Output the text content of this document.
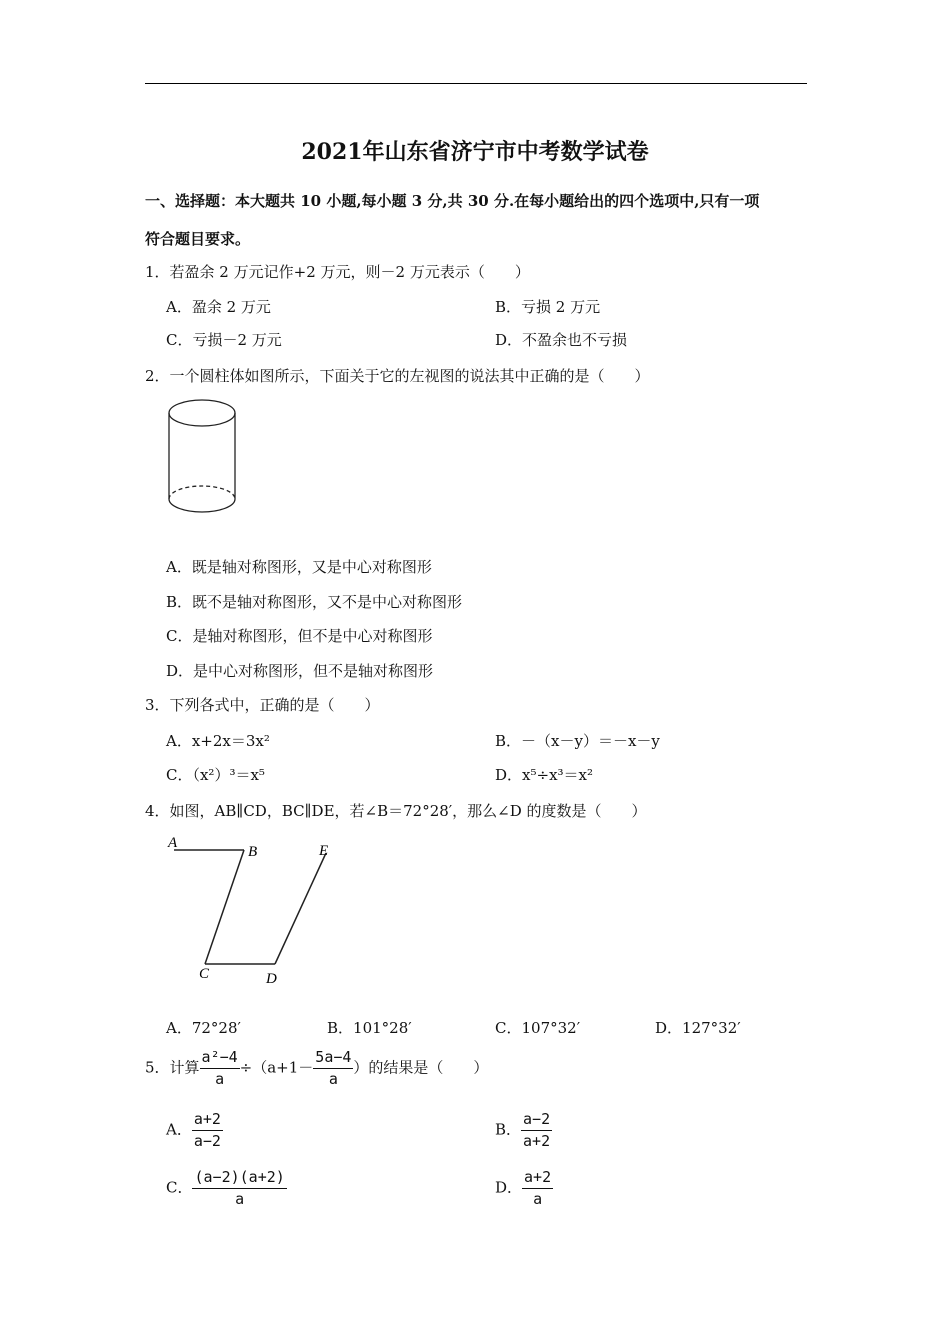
2021年山东省济宁市中考数学试卷
一、选择题：本大题共 10 小题,每小题 3 分,共 30 分.在每小题给出的四个选项中,只有一项
符合题目要求。
1．若盈余 2 万元记作+2 万元，则－2 万元表示（　　）
A．盈余 2 万元	B．亏损 2 万元
C．亏损－2 万元	D．不盈余也不亏损
2．一个圆柱体如图所示，下面关于它的左视图的说法其中正确的是（　　）
A．既是轴对称图形，又是中心对称图形
B．既不是轴对称图形，又不是中心对称图形
C．是轴对称图形，但不是中心对称图形
D．是中心对称图形，但不是轴对称图形
3．下列各式中，正确的是（　　）
A．x+2x＝3x²	B．－（x－y）＝－x－y
C．（x²）³＝x⁵	D．x⁵÷x³＝x²
4．如图，AB∥CD，BC∥DE，若∠B＝72°28′，那么∠D 的度数是（　　）
A
B
C	D
E
A．72°28′	B．101°28′	C．107°32′	D．127°32′
5．计算 $\frac{\text{a²−4}}{a} \div(a+1- \frac{5a-4}{a}$ ）的结果是（　　）
A． $\frac{a+2}{a-2}$	B． $\frac{a-2}{a+2}$
C． $\frac{(a-2)(a+2)}{a}$	D． $\frac{a+2}{a}$
